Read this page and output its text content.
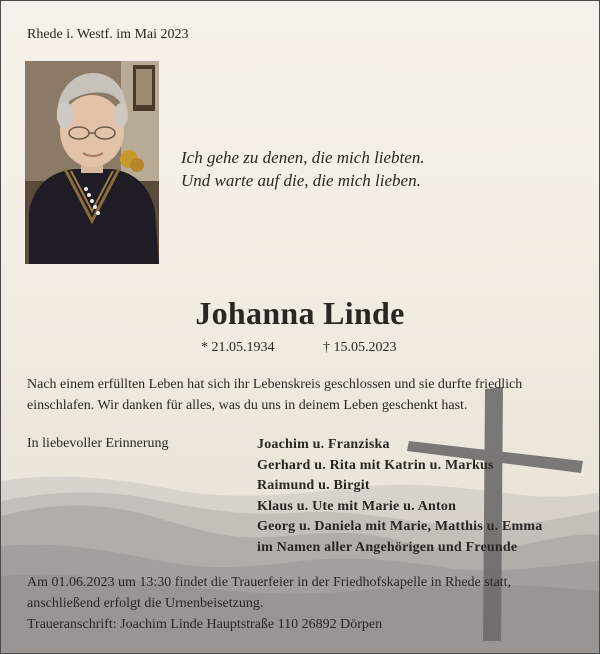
Rhede i. Westf. im Mai 2023
Ich gehe zu denen, die mich liebten.
Und warte auf die, die mich lieben.
Johanna Linde
* 21.05.1934	† 15.05.2023
Nach einem erfüllten Leben hat sich ihr Lebenskreis geschlossen und sie durfte friedlich
einschlafen. Wir danken für alles, was du uns in deinem Leben geschenkt hast.
In liebevoller Erinnerung	Joachim u. Franziska
Gerhard u. Rita mit Katrin u. Markus
Raimund u. Birgit
Klaus u. Ute mit Marie u. Anton
Georg u. Daniela mit Marie, Matthis u. Emma
im Namen aller Angehörigen und Freunde
Am 01.06.2023 um 13:30 findet die Trauerfeier in der Friedhofskapelle in Rhede statt,
anschließend erfolgt die Urnenbeisetzung.
Traueranschrift: Joachim Linde Hauptstraße 110 26892 Dörpen
